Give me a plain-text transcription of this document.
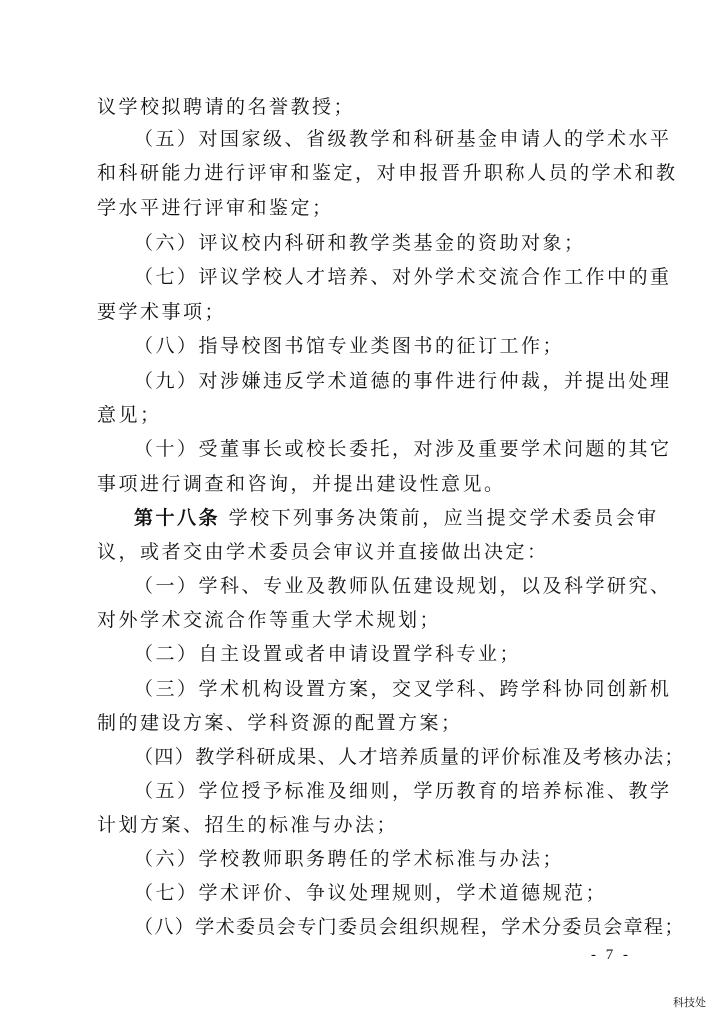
议学校拟聘请的名誉教授；
（五）对国家级、省级教学和科研基金申请人的学术水平
和科研能力进行评审和鉴定，对申报晋升职称人员的学术和教
学水平进行评审和鉴定；
（六）评议校内科研和教学类基金的资助对象；
（七）评议学校人才培养、对外学术交流合作工作中的重
要学术事项；
（八）指导校图书馆专业类图书的征订工作；
（九）对涉嫌违反学术道德的事件进行仲裁，并提出处理
意见；
（十）受董事长或校长委托，对涉及重要学术问题的其它
事项进行调查和咨询，并提出建设性意见。
第十八条 学校下列事务决策前，应当提交学术委员会审
议，或者交由学术委员会审议并直接做出决定：
（一）学科、专业及教师队伍建设规划，以及科学研究、
对外学术交流合作等重大学术规划；
（二）自主设置或者申请设置学科专业；
（三）学术机构设置方案，交叉学科、跨学科协同创新机
制的建设方案、学科资源的配置方案；
（四）教学科研成果、人才培养质量的评价标准及考核办法；
（五）学位授予标准及细则，学历教育的培养标准、教学
计划方案、招生的标准与办法；
（六）学校教师职务聘任的学术标准与办法；
（七）学术评价、争议处理规则，学术道德规范；
（八）学术委员会专门委员会组织规程，学术分委员会章程；
- 7 -
科技处
